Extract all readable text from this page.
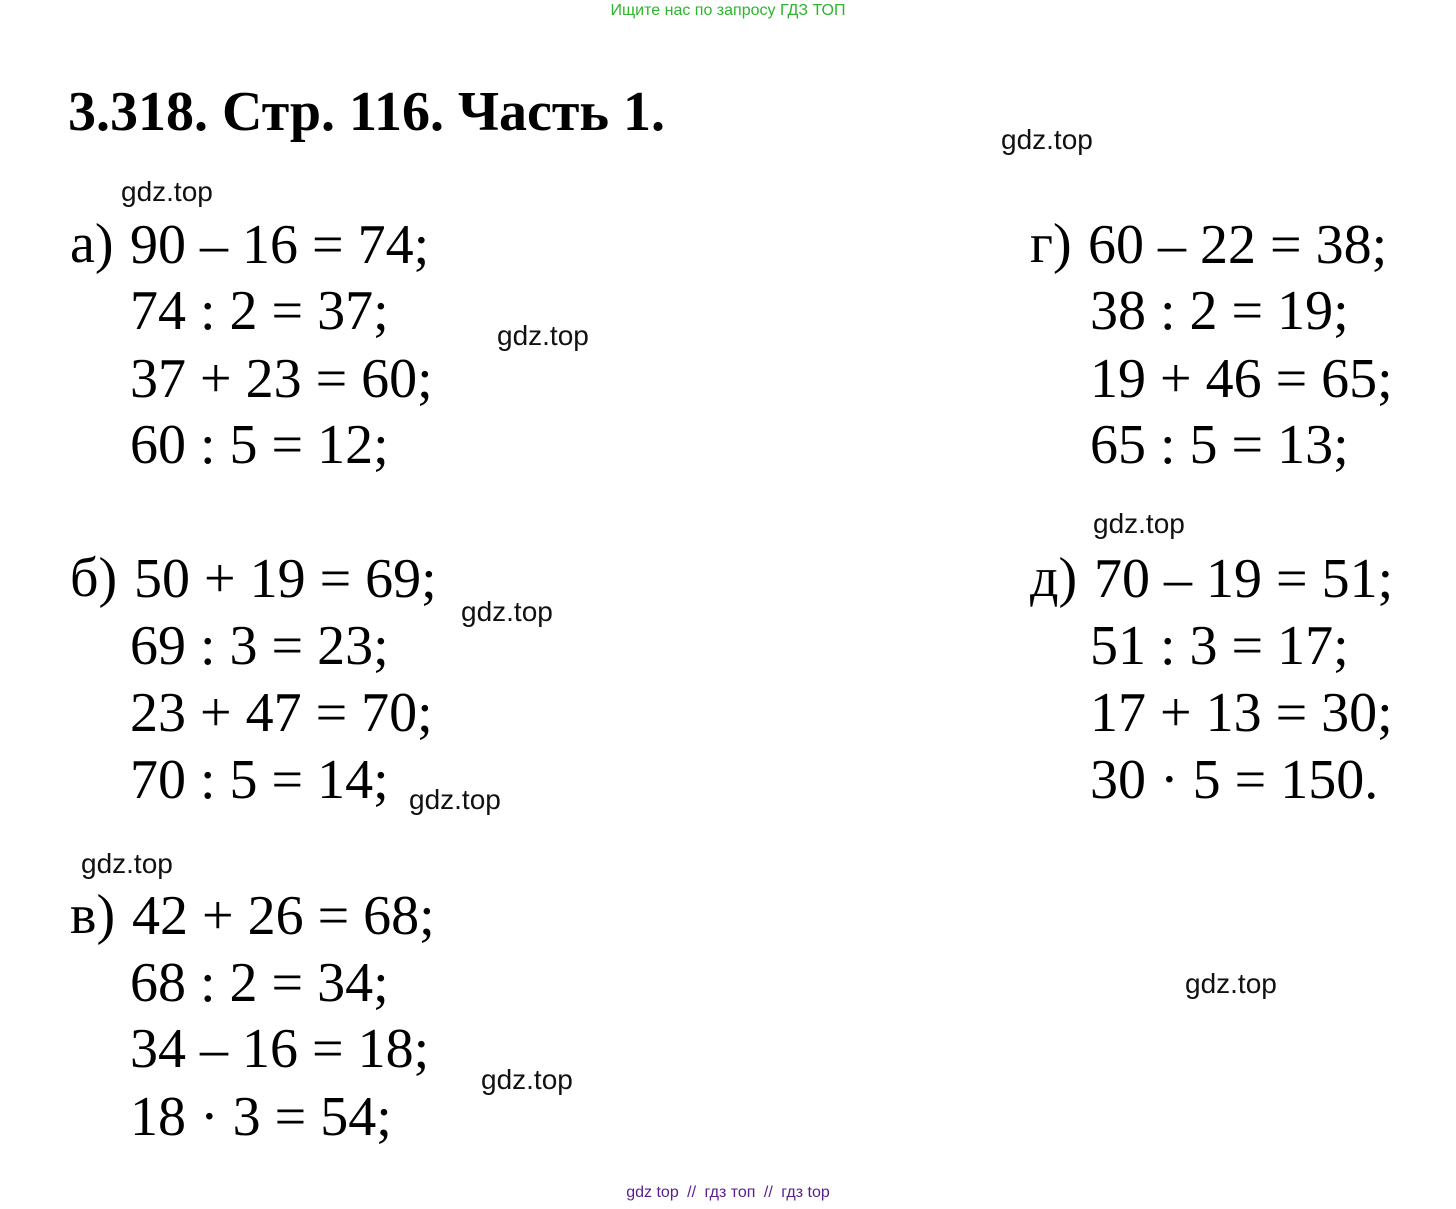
Ищите нас по запросу ГДЗ ТОП
3.318. Стр. 116. Часть 1.	gdz.top
gdz.top
gdz.top
gdz.top
gdz.top
gdz.top
gdz.top
gdz.top
gdz.top
а) 90 – 16 = 74;
74 : 2 = 37;
37 + 23 = 60;
60 : 5 = 12;
б) 50 + 19 = 69;
69 : 3 = 23;
23 + 47 = 70;
70 : 5 = 14;
в) 42 + 26 = 68;
68 : 2 = 34;
34 – 16 = 18;
18 · 3 = 54;
г) 60 – 22 = 38;
38 : 2 = 19;
19 + 46 = 65;
65 : 5 = 13;
д) 70 – 19 = 51;
51 : 3 = 17;
17 + 13 = 30;
30 · 5 = 150.
gdz top // гдз топ // гдз top
